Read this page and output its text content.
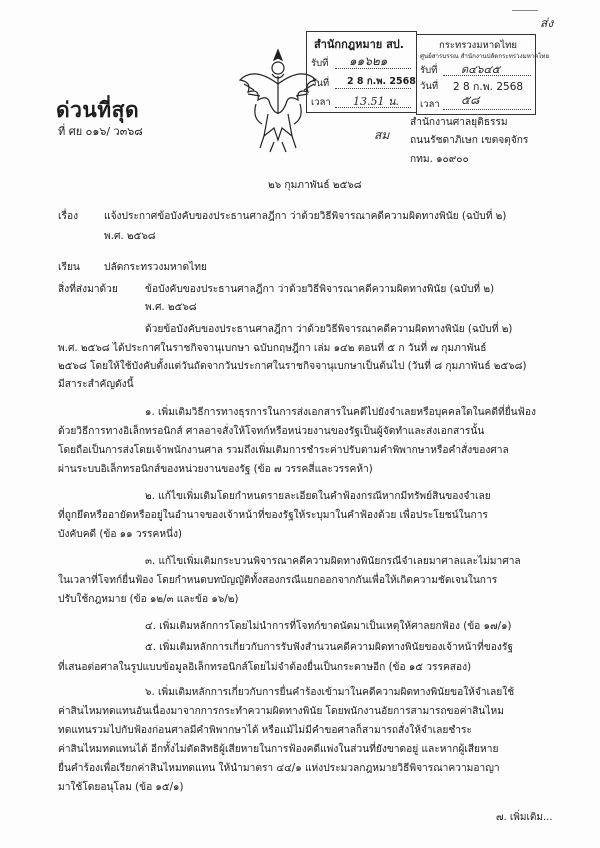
ส่ง
ด่วนที่สุด
ที่ ศย ๐๑๖/ ว๓๖๘
สำนักกฎหมาย สป.
รับที่ ๑๑๖๒๑
วันที่ 2 8 ก.พ. 2568
เวลา 13.51 น.
สม
กระทรวงมหาดไทย
ศูนย์สารบรรณ สำนักงานปลัดกระทรวงมหาดไทย
รับที่ ด๔๖๔๕
วันที่ 2 8 ก.พ. 2568
เวลา ๕๘
สำนักงานศาลยุติธรรม
ถนนรัชดาภิเษก เขตจตุจักร
กทม. ๑๐๙๐๐
๒๖ กุมภาพันธ์ ๒๕๖๘
เรื่อง	แจ้งประกาศข้อบังคับของประธานศาลฎีกา ว่าด้วยวิธีพิจารณาคดีความผิดทางพินัย (ฉบับที่ ๒)
พ.ศ. ๒๕๖๘
เรียน ปลัดกระทรวงมหาดไทย
สิ่งที่ส่งมาด้วย	ข้อบังคับของประธานศาลฎีกา ว่าด้วยวิธีพิจารณาคดีความผิดทางพินัย (ฉบับที่ ๒)
พ.ศ. ๒๕๖๘
ด้วยข้อบังคับของประธานศาลฎีกา ว่าด้วยวิธีพิจารณาคดีความผิดทางพินัย (ฉบับที่ ๒)
พ.ศ. ๒๕๖๘ ได้ประกาศในราชกิจจานุเบกษา ฉบับกฤษฎีกา เล่ม ๑๔๒ ตอนที่ ๕ ก วันที่ ๗ กุมภาพันธ์
๒๕๖๘ โดยให้ใช้บังคับตั้งแต่วันถัดจากวันประกาศในราชกิจจานุเบกษาเป็นต้นไป (วันที่ ๘ กุมภาพันธ์ ๒๕๖๘)
มีสาระสำคัญดังนี้
๑. เพิ่มเติมวิธีการทางธุรการในการส่งเอกสารในคดีไปยังจำเลยหรือบุคคลใดในคดีที่ยื่นฟ้อง
ด้วยวิธีการทางอิเล็กทรอนิกส์ ศาลอาจสั่งให้โจทก์หรือหน่วยงานของรัฐเป็นผู้จัดทำและส่งเอกสารนั้น
โดยถือเป็นการส่งโดยเจ้าพนักงานศาล รวมถึงเพิ่มเติมการชำระค่าปรับตามคำพิพากษาหรือคำสั่งของศาล
ผ่านระบบอิเล็กทรอนิกส์ของหน่วยงานของรัฐ (ข้อ ๗ วรรคสี่และวรรคห้า)
๒. แก้ไขเพิ่มเติมโดยกำหนดรายละเอียดในคำฟ้องกรณีหากมีทรัพย์สินของจำเลย
ที่ถูกยึดหรืออายัดหรืออยู่ในอำนาจของเจ้าหน้าที่ของรัฐให้ระบุมาในคำฟ้องด้วย เพื่อประโยชน์ในการ
บังคับคดี (ข้อ ๑๑ วรรคหนึ่ง)
๓. แก้ไขเพิ่มเติมกระบวนพิจารณาคดีความผิดทางพินัยกรณีจำเลยมาศาลและไม่มาศาล
ในเวลาที่โจทก์ยื่นฟ้อง โดยกำหนดบทบัญญัติทั้งสองกรณีแยกออกจากกันเพื่อให้เกิดความชัดเจนในการ
ปรับใช้กฎหมาย (ข้อ ๑๒/๓ และข้อ ๑๖/๒)
๔. เพิ่มเติมหลักการโดยไม่นำการที่โจทก์ขาดนัดมาเป็นเหตุให้ศาลยกฟ้อง (ข้อ ๑๗/๑)
๕. เพิ่มเติมหลักการเกี่ยวกับการรับฟังสำนวนคดีความผิดทางพินัยของเจ้าหน้าที่ของรัฐ
ที่เสนอต่อศาลในรูปแบบข้อมูลอิเล็กทรอนิกส์โดยไม่จำต้องยื่นเป็นกระดาษอีก (ข้อ ๑๕ วรรคสอง)
๖. เพิ่มเติมหลักการเกี่ยวกับการยื่นคำร้องเข้ามาในคดีความผิดทางพินัยขอให้จำเลยใช้
ค่าสินไหมทดแทนอันเนื่องมาจากการกระทำความผิดทางพินัย โดยพนักงานอัยการสามารถขอค่าสินไหม
ทดแทนรวมไปกับฟ้องก่อนศาลมีคำพิพากษาได้ หรือแม้ไม่มีคำขอศาลก็สามารถสั่งให้จำเลยชำระ
ค่าสินไหมทดแทนได้ อีกทั้งไม่ตัดสิทธิผู้เสียหายในการฟ้องคดีแพ่งในส่วนที่ยังขาดอยู่ และหากผู้เสียหาย
ยื่นคำร้องเพื่อเรียกค่าสินไหมทดแทน ให้นำมาตรา ๔๔/๑ แห่งประมวลกฎหมายวิธีพิจารณาความอาญา
มาใช้โดยอนุโลม (ข้อ ๑๕/๑)
๗. เพิ่มเติม...
